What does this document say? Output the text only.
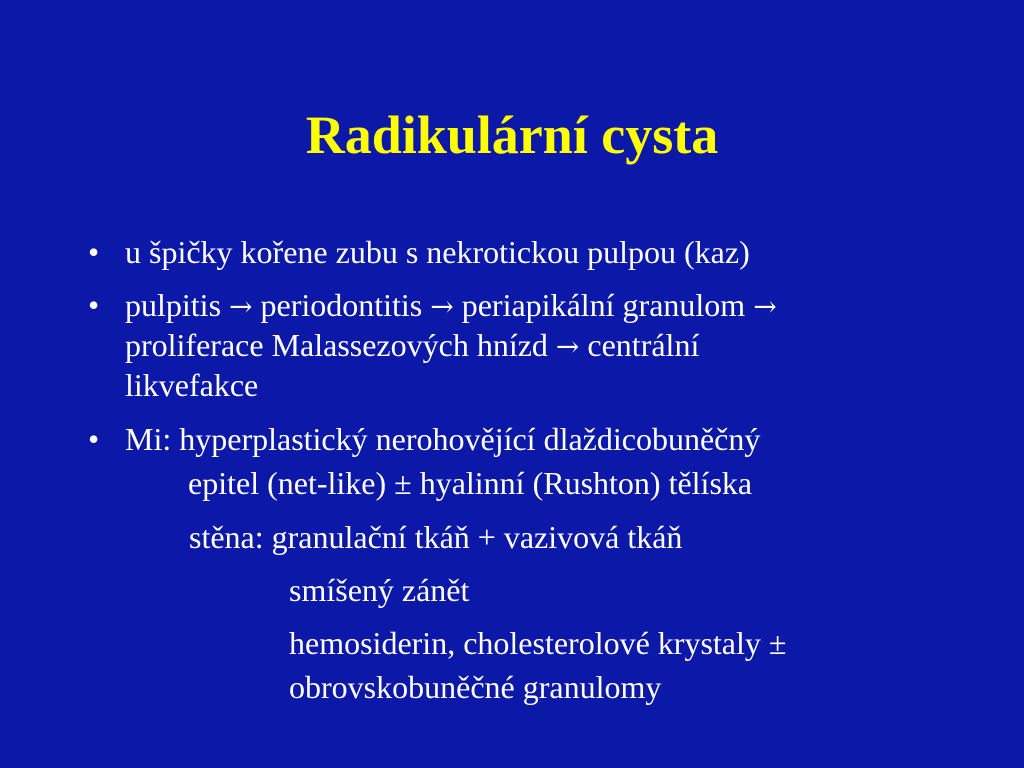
Radikulární cysta
• u špičky kořene zubu s nekrotickou pulpou (kaz)
• pulpitis → periodontitis → periapikální granulom →
proliferace Malassezových hnízd → centrální
likvefakce
• Mi: hyperplastický nerohovějící dlaždicobuněčný
epitel (net-like) ± hyalinní (Rushton) tělíska
stěna: granulační tkáň + vazivová tkáň
smíšený zánět
hemosiderin, cholesterolové krystaly ±
obrovskobuněčné granulomy
